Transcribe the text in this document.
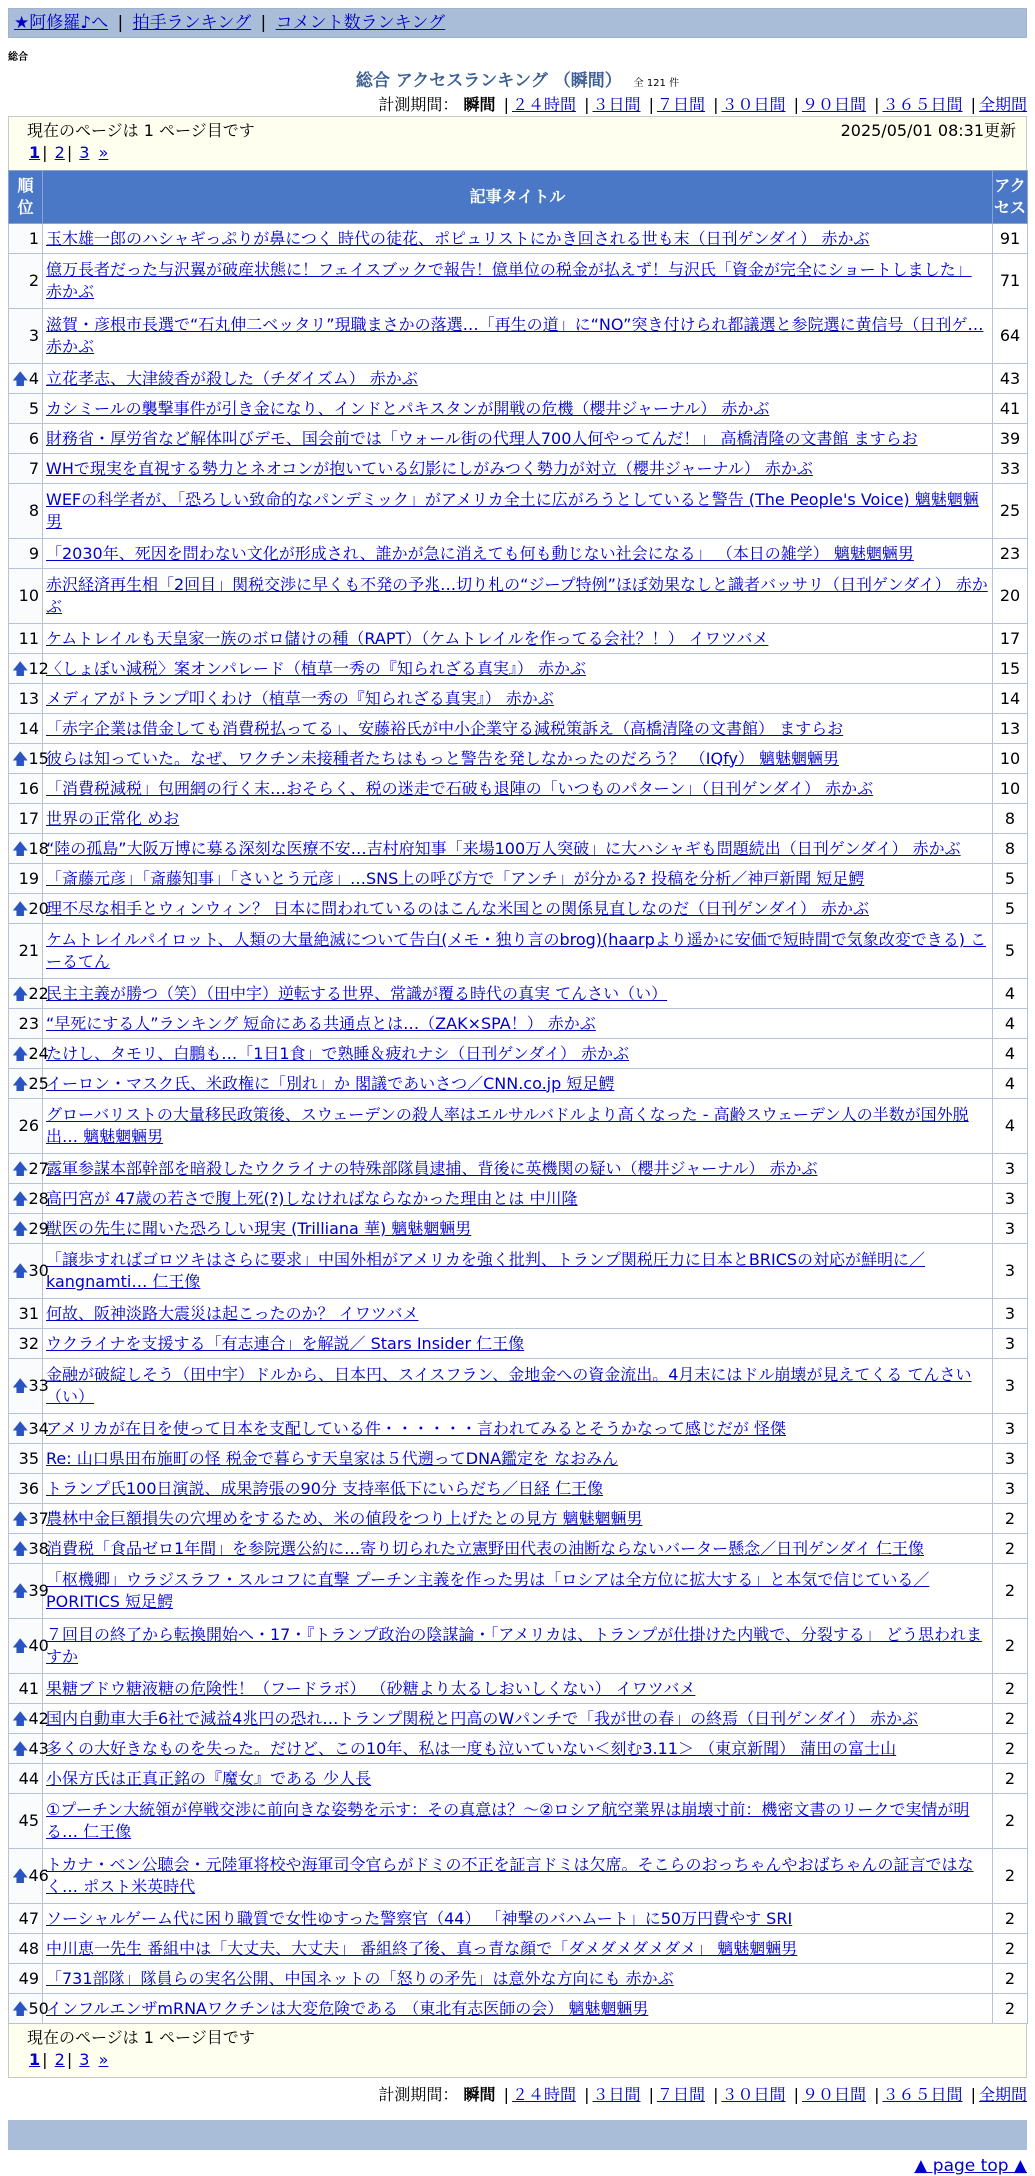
★阿修羅♪へ | 拍手ランキング | コメント数ランキング
総合
総合 アクセスランキング （瞬間） 全 121 件
計測期間： 瞬間 | ２４時間 | ３日間 | ７日間 | ３０日間 | ９０日間 | ３６５日間 | 全期間
現在のページは 1 ページ目です	2025/05/01 08:31更新
1 | 2 | 3 »
順位	記事タイトル	アクセス
1	玉木雄一郎のハシャギっぷりが鼻につく 時代の徒花、ポピュリストにかき回される世も末（日刊ゲンダイ） 赤かぶ	91
2	億万長者だった与沢翼が破産状態に！フェイスブックで報告！億単位の税金が払えず！与沢氏「資金が完全にショートしました」 赤かぶ	71
3	滋賀・彦根市長選で“石丸伸二ベッタリ”現職まさかの落選…「再生の道」に“NO”突き付けられ都議選と参院選に黄信号（日刊ゲ… 赤かぶ	64

🡅 4	立花孝志、大津綾香が殺した（チダイズム） 赤かぶ	43
5	カシミールの襲撃事件が引き金になり、インドとパキスタンが開戦の危機（櫻井ジャーナル） 赤かぶ	41
6	財務省・厚労省など解体叫びデモ、国会前では「ウォール街の代理人700人何やってんだ！」 高橋清隆の文書館 ますらお	39
7	WHで現実を直視する勢力とネオコンが抱いている幻影にしがみつく勢力が対立（櫻井ジャーナル） 赤かぶ	33
8	WEFの科学者が、「恐ろしい致命的なパンデミック」がアメリカ全土に広がろうとしていると警告 (The People's Voice) 魑魅魍魎男	25
9	「2030年、死因を問わない文化が形成され、誰かが急に消えても何も動じない社会になる」 （本日の雑学） 魑魅魍魎男	23
10	赤沢経済再生相「2回目」関税交渉に早くも不発の予兆…切り札の“ジープ特例”ほぼ効果なしと識者バッサリ（日刊ゲンダイ） 赤かぶ	20
11	ケムトレイルも天皇家一族のボロ儲けの種（RAPT）（ケムトレイルを作ってる会社？！） イワツバメ	17

🡅 12	〈しょぼい減税〉案オンパレード（植草一秀の『知られざる真実』） 赤かぶ	15
13	メディアがトランプ叩くわけ（植草一秀の『知られざる真実』） 赤かぶ	14
14	「赤字企業は借金しても消費税払ってる」、安藤裕氏が中小企業守る減税策訴え（高橋清隆の文書館） ますらお	13

🡅 15	彼らは知っていた。なぜ、ワクチン未接種者たちはもっと警告を発しなかったのだろう？ （IQfy） 魑魅魍魎男	10
16	「消費税減税」包囲網の行く末…おそらく、税の迷走で石破も退陣の「いつものパターン」（日刊ゲンダイ） 赤かぶ	10
17	世界の正常化 めお	8

🡅 18	“陸の孤島”大阪万博に募る深刻な医療不安…吉村府知事「来場100万人突破」に大ハシャギも問題続出（日刊ゲンダイ） 赤かぶ	8
19	「斎藤元彦」「斎藤知事」「さいとう元彦」…SNS上の呼び方で「アンチ」が分かる? 投稿を分析／神戸新聞 短足鰐	5

🡅 20	理不尽な相手とウィンウィン？ 日本に問われているのはこんな米国との関係見直しなのだ（日刊ゲンダイ） 赤かぶ	5
21	ケムトレイルパイロット、人類の大量絶滅について告白(メモ・独り言のbrog)(haarpより遥かに安価で短時間で気象改変できる) こーるてん	5

🡅 22	民主主義が勝つ（笑）（田中宇）逆転する世界、常識が覆る時代の真実 てんさい（い）	4
23	“早死にする人”ランキング 短命にある共通点とは…（ZAK×SPA！） 赤かぶ	4

🡅 24	たけし、タモリ、白鵬も…「1日1食」で熟睡＆疲れナシ（日刊ゲンダイ） 赤かぶ	4

🡅 25	イーロン・マスク氏、米政権に「別れ」か 閣議であいさつ／CNN.co.jp 短足鰐	4
26	グローバリストの大量移民政策後、スウェーデンの殺人率はエルサルバドルより高くなった - 高齢スウェーデン人の半数が国外脱出… 魑魅魍魎男	4

🡅 27	露軍参謀本部幹部を暗殺したウクライナの特殊部隊員逮捕、背後に英機関の疑い（櫻井ジャーナル） 赤かぶ	3

🡅 28	高円宮が 47歳の若さで腹上死(?)しなければならなかった理由とは 中川隆	3

🡅 29	獣医の先生に聞いた恐ろしい現実 (Trilliana 華) 魑魅魍魎男	3

🡅 30	「譲歩すればゴロツキはさらに要求」中国外相がアメリカを強く批判、トランプ関税圧力に日本とBRICSの対応が鮮明に／kangnamti… 仁王像	3
31	何故、阪神淡路大震災は起こったのか？ イワツバメ	3
32	ウクライナを支援する「有志連合」を解説／ Stars Insider 仁王像	3

🡅 33	金融が破綻しそう（田中宇）ドルから、日本円、スイスフラン、金地金への資金流出。4月末にはドル崩壊が見えてくる てんさい（い）	3

🡅 34	アメリカが在日を使って日本を支配している件・・・・・・言われてみるとそうかなって感じだが 怪傑	3
35	Re: 山口県田布施町の怪 税金で暮らす天皇家は５代遡ってDNA鑑定を なおみん	3
36	トランプ氏100日演説、成果誇張の90分 支持率低下にいらだち／日経 仁王像	3

🡅 37	農林中金巨額損失の穴埋めをするため、米の値段をつり上げたとの見方 魑魅魍魎男	2

🡅 38	消費税「食品ゼロ1年間」を参院選公約に…寄り切られた立憲野田代表の油断ならないバーター懸念／日刊ゲンダイ 仁王像	2

🡅 39	「枢機卿」ウラジスラフ・スルコフに直撃 プーチン主義を作った男は「ロシアは全方位に拡大する」と本気で信じている／PORITICS 短足鰐	2

🡅 40	７回目の終了から転換開始へ・17・『トランプ政治の陰謀論・「アメリカは、トランプが仕掛けた内戦で、分裂する」 どう思われますか	2
41	果糖ブドウ糖液糖の危険性！（フードラボ） （砂糖より太るしおいしくない） イワツバメ	2

🡅 42	国内自動車大手6社で減益4兆円の恐れ…トランプ関税と円高のWパンチで「我が世の春」の終焉（日刊ゲンダイ） 赤かぶ	2

🡅 43	多くの大好きなものを失った。だけど、この10年、私は一度も泣いていない＜刻む3.11＞ （東京新聞） 蒲田の富士山	2
44	小保方氏は正真正銘の『魔女』である 少人長	2
45	①プーチン大統領が停戦交渉に前向きな姿勢を示す：その真意は？～②ロシア航空業界は崩壊寸前：機密文書のリークで実情が明る… 仁王像	2

🡅 46	トカナ・ベン公聴会・元陸軍将校や海軍司令官らがドミの不正を証言ドミは欠席。そこらのおっちゃんやおばちゃんの証言ではなく… ポスト米英時代	2
47	ソーシャルゲーム代に困り職質で女性ゆすった警察官（44） 「神撃のバハムート」に50万円費やす SRI	2
48	中川恵一先生 番組中は「大丈夫、大丈夫」 番組終了後、真っ青な顔で「ダメダメダメダメ」 魑魅魍魎男	2
49	「731部隊」隊員らの実名公開、中国ネットの「怒りの矛先」は意外な方向にも 赤かぶ	2

🡅 50	インフルエンザmRNAワクチンは大変危険である （東北有志医師の会） 魑魅魍魎男	2
現在のページは 1 ページ目です
1 | 2 | 3 »
計測期間： 瞬間 | ２４時間 | ３日間 | ７日間 | ３０日間 | ９０日間 | ３６５日間 | 全期間
▲ page top ▲
